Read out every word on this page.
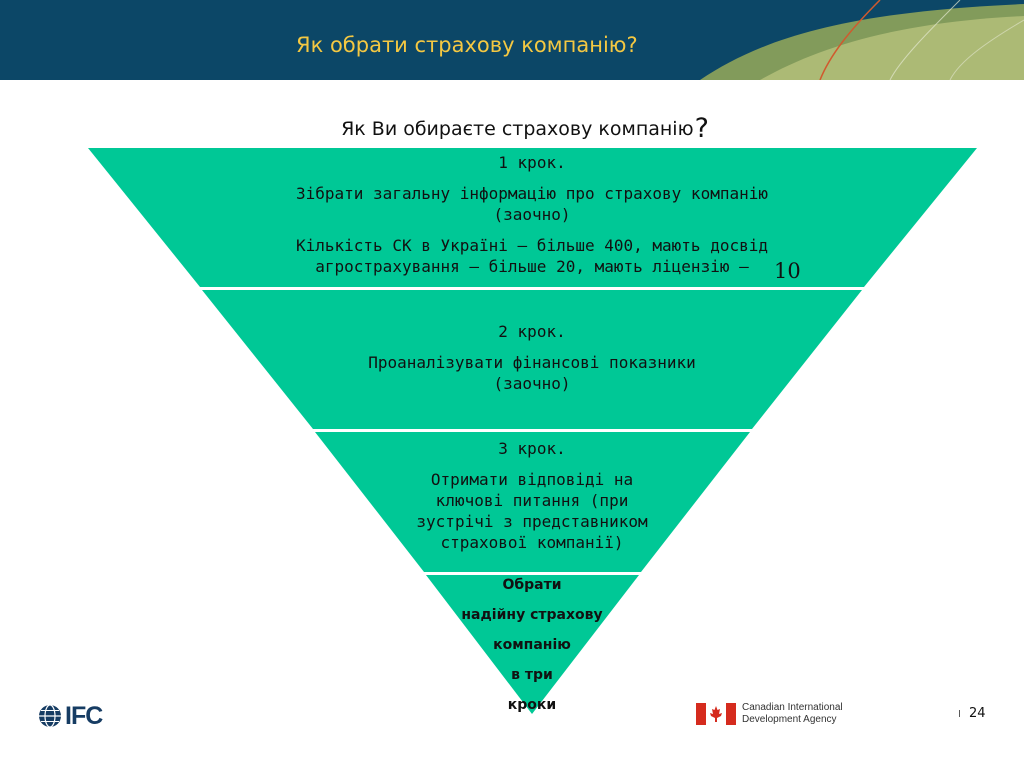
Як обрати страхову компанію?
Як Ви обираєте страхову компанію?

1 крок.

Зібрати загальну інформацію про страхову компанію

(заочно)

Кількість СК в Україні – більше 400, мають досвід

агрострахування – більше 20, мають ліцензію –	10

2 крок.

Проаналізувати фінансові показники

(заочно)

3 крок.

Отримати відповіді на

ключові питання (при

зустрічі з представником

страхової компанії)

Обрати

надійну страхову

компанію

в три

кроки

IFC	Canadian International
Development Agency	I 24
